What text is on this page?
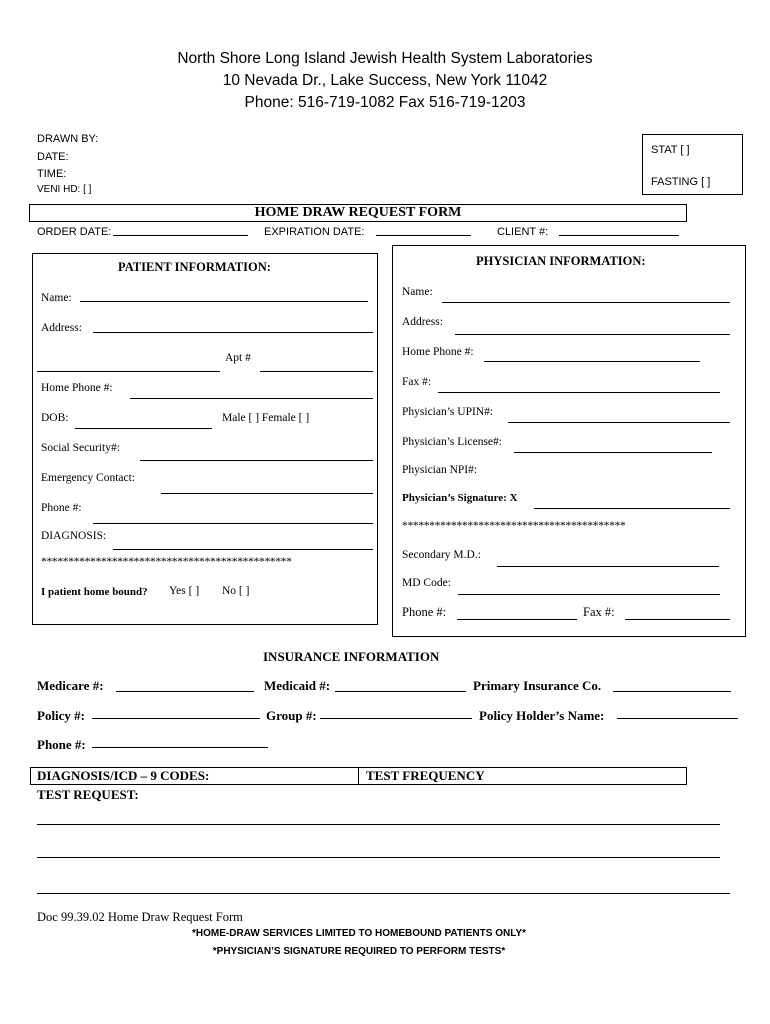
North Shore Long Island Jewish Health System Laboratories
10 Nevada Dr., Lake Success, New York 11042
Phone: 516-719-1082 Fax 516-719-1203
DRAWN BY:
DATE:
TIME:
VENI HD: [ ]
STAT [ ]
FASTING [ ]
HOME DRAW REQUEST FORM
ORDER DATE:	EXPIRATION DATE:	CLIENT #:
PATIENT INFORMATION:
Name:
Address:
Apt #
Home Phone #:
DOB:	Male [ ] Female [ ]
Social Security#:
Emergency Contact:
Phone #:
DIAGNOSIS:
**********************************************
I patient home bound? Yes [ ] No [ ]
PHYSICIAN INFORMATION:
Name:
Address:
Home Phone #:
Fax #:
Physician’s UPIN#:
Physician’s License#:
Physician NPI#:
Physician’s Signature: X
*****************************************
Secondary M.D.:
MD Code:
Phone #:	Fax #:
INSURANCE INFORMATION
Medicare #:	Medicaid #:	Primary Insurance Co.
Policy #:	Group #:	Policy Holder’s Name:
Phone #:
DIAGNOSIS/ICD – 9 CODES:	TEST FREQUENCY
TEST REQUEST:
Doc 99.39.02 Home Draw Request Form
*HOME-DRAW SERVICES LIMITED TO HOMEBOUND PATIENTS ONLY*
*PHYSICIAN’S SIGNATURE REQUIRED TO PERFORM TESTS*
